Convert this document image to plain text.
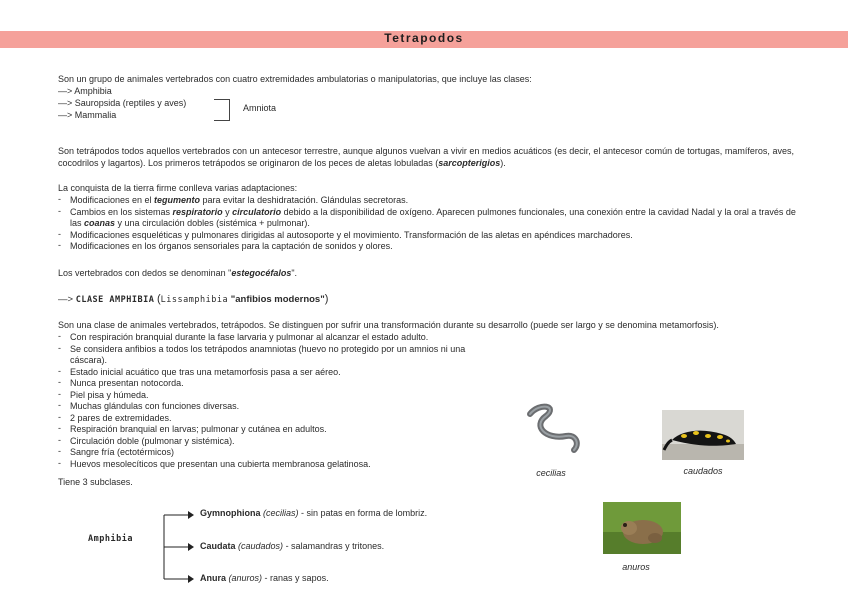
Tetrapodos
Son un grupo de animales vertebrados con cuatro extremidades ambulatorias o manipulatorias, que incluye las clases:
—> Amphibia
—> Sauropsida (reptiles y aves)
—> Mammalia
Amniota
Son tetrápodos todos aquellos vertebrados con un antecesor terrestre, aunque algunos vuelvan a vivir en medios acuáticos (es decir, el antecesor común de tortugas, mamíferos, aves, cocodrilos y lagartos). Los primeros tetrápodos se originaron de los peces de aletas lobuladas (sarcopterigios).
La conquista de la tierra firme conlleva varias adaptaciones:
- Modificaciones en el tegumento para evitar la deshidratación. Glándulas secretoras.
- Cambios en los sistemas respiratorio y circulatorio debido a la disponibilidad de oxígeno. Aparecen pulmones funcionales, una conexión entre la cavidad Nadal y la oral a través de las coanas y una circulación dobles (sistémica + pulmonar).
- Modificaciones esqueléticas y pulmonares dirigidas al autosoporte y el movimiento. Transformación de las aletas en apéndices marchadores.
- Modificaciones en los órganos sensoriales para la captación de sonidos y olores.
Los vertebrados con dedos se denominan "estegocéfalos".
—> CLASE AMPHIBIA (Lissamphibia "anfibios modernos")
Son una clase de animales vertebrados, tetrápodos. Se distinguen por sufrir una transformación durante su desarrollo (puede ser largo y se denomina metamorfosis).
- Con respiración branquial durante la fase larvaria y pulmonar al alcanzar el estado adulto.
- Se considera anfibios a todos los tetrápodos anamniotas (huevo no protegido por un amnios ni una cáscara).
- Estado inicial acuático que tras una metamorfosis pasa a ser aéreo.
- Nunca presentan notocorda.
- Piel pisa y húmeda.
- Muchas glándulas con funciones diversas.
- 2 pares de extremidades.
- Respiración branquial en larvas; pulmonar y cutánea en adultos.
- Circulación doble (pulmonar y sistémica).
- Sangre fría (ectotérmicos)
- Huevos mesolecíticos que presentan una cubierta membranosa gelatinosa.
Tiene 3 subclases.
Amphibia
Gymnophiona (cecilias) - sin patas en forma de lombriz.
Caudata (caudados) - salamandras y tritones.
Anura (anuros) - ranas y sapos.
cecilias	caudados
anuros
